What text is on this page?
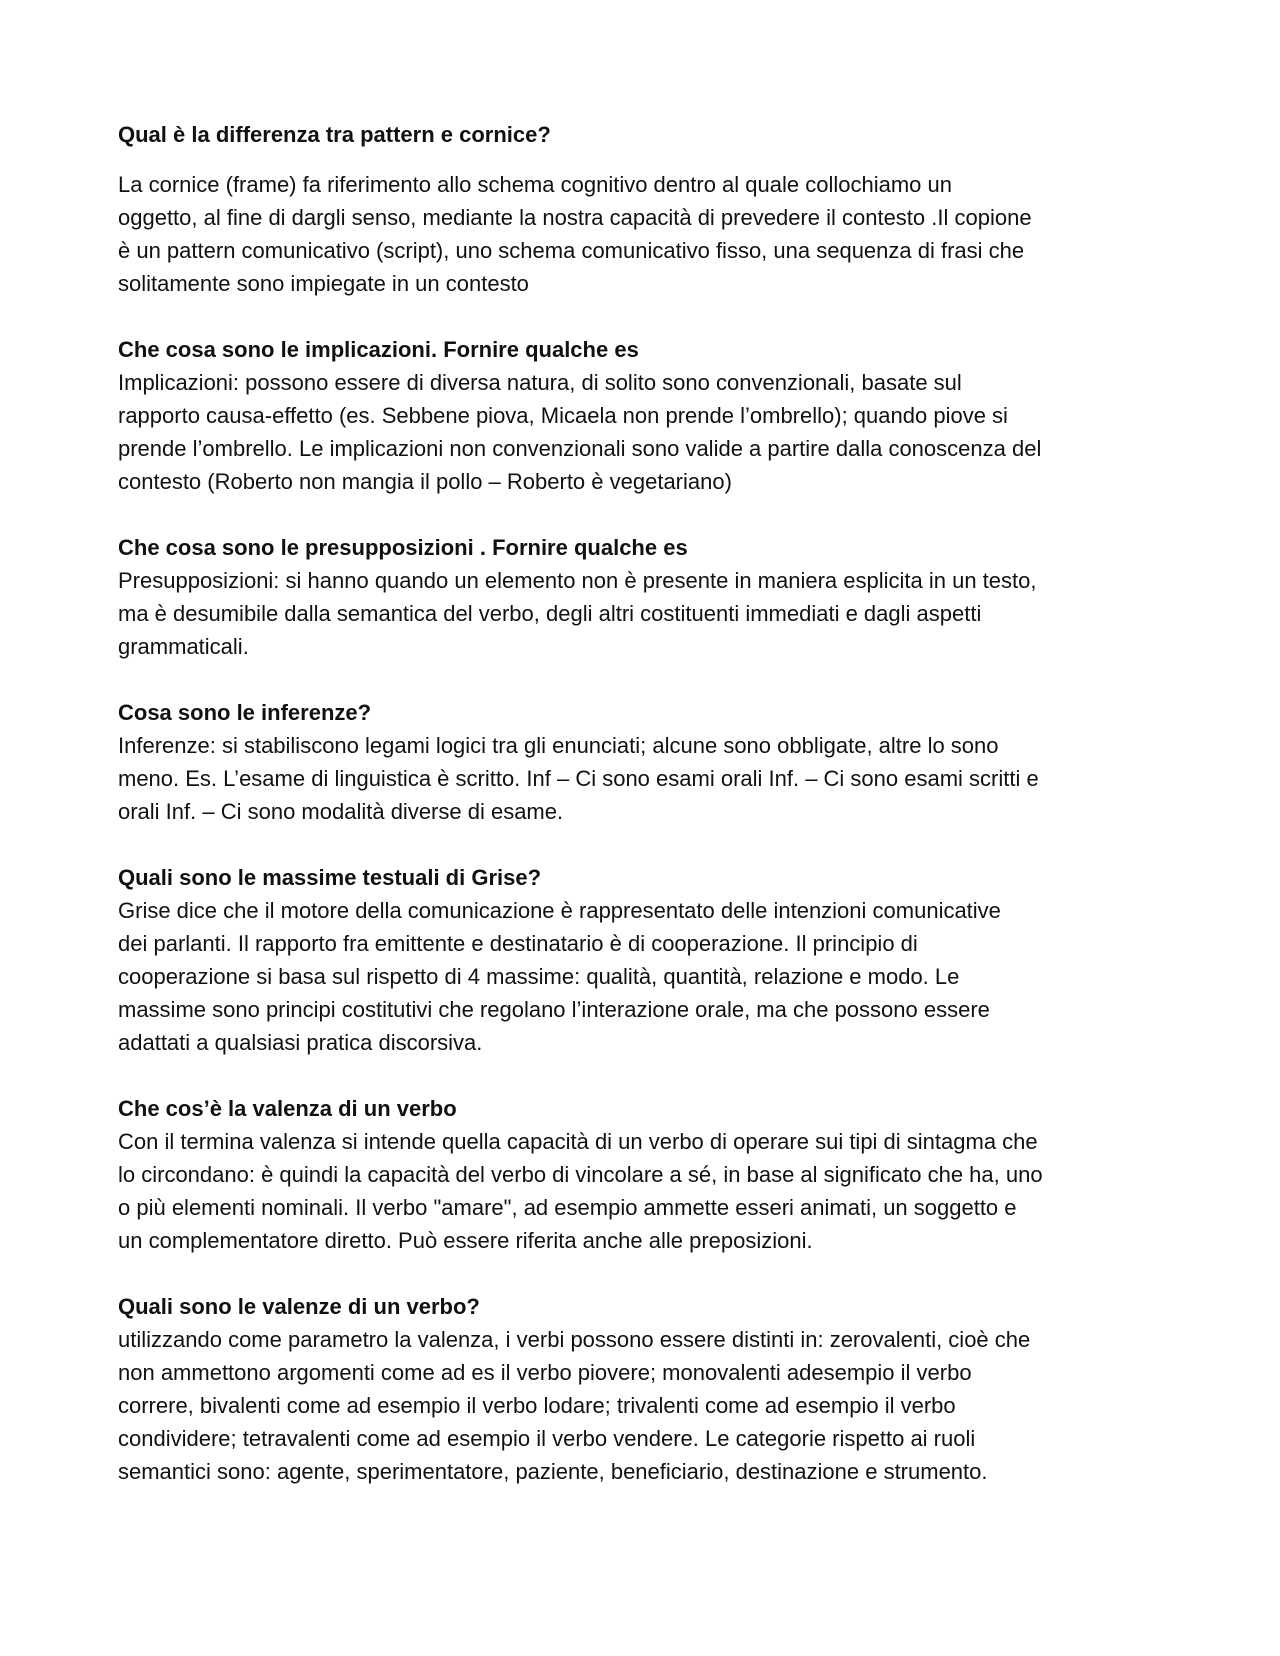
Qual è la differenza tra pattern e cornice?

La cornice (frame) fa riferimento allo schema cognitivo dentro al quale collochiamo un
oggetto, al fine di dargli senso, mediante la nostra capacità di prevedere il contesto .Il copione
è un pattern comunicativo (script), uno schema comunicativo fisso, una sequenza di frasi che
solitamente sono impiegate in un contesto

Che cosa sono le implicazioni. Fornire qualche es

Implicazioni: possono essere di diversa natura, di solito sono convenzionali, basate sul
rapporto causa-effetto (es. Sebbene piova, Micaela non prende l’ombrello); quando piove si
prende l’ombrello. Le implicazioni non convenzionali sono valide a partire dalla conoscenza del
contesto (Roberto non mangia il pollo – Roberto è vegetariano)

Che cosa sono le presupposizioni . Fornire qualche es

Presupposizioni: si hanno quando un elemento non è presente in maniera esplicita in un testo,
ma è desumibile dalla semantica del verbo, degli altri costituenti immediati e dagli aspetti
grammaticali.

Cosa sono le inferenze?

Inferenze: si stabiliscono legami logici tra gli enunciati; alcune sono obbligate, altre lo sono
meno. Es. L’esame di linguistica è scritto. Inf – Ci sono esami orali Inf. – Ci sono esami scritti e
orali Inf. – Ci sono modalità diverse di esame.

Quali sono le massime testuali di Grise?

Grise dice che il motore della comunicazione è rappresentato delle intenzioni comunicative
dei parlanti. Il rapporto fra emittente e destinatario è di cooperazione. Il principio di
cooperazione si basa sul rispetto di 4 massime: qualità, quantità, relazione e modo. Le
massime sono principi costitutivi che regolano l’interazione orale, ma che possono essere
adattati a qualsiasi pratica discorsiva.

Che cos’è la valenza di un verbo

Con il termina valenza si intende quella capacità di un verbo di operare sui tipi di sintagma che
lo circondano: è quindi la capacità del verbo di vincolare a sé, in base al significato che ha, uno
o più elementi nominali. Il verbo "amare", ad esempio ammette esseri animati, un soggetto e
un complementatore diretto. Può essere riferita anche alle preposizioni.

Quali sono le valenze di un verbo?

utilizzando come parametro la valenza, i verbi possono essere distinti in: zerovalenti, cioè che
non ammettono argomenti come ad es il verbo piovere; monovalenti adesempio il verbo
correre, bivalenti come ad esempio il verbo lodare; trivalenti come ad esempio il verbo
condividere; tetravalenti come ad esempio il verbo vendere. Le categorie rispetto ai ruoli
semantici sono: agente, sperimentatore, paziente, beneficiario, destinazione e strumento.
